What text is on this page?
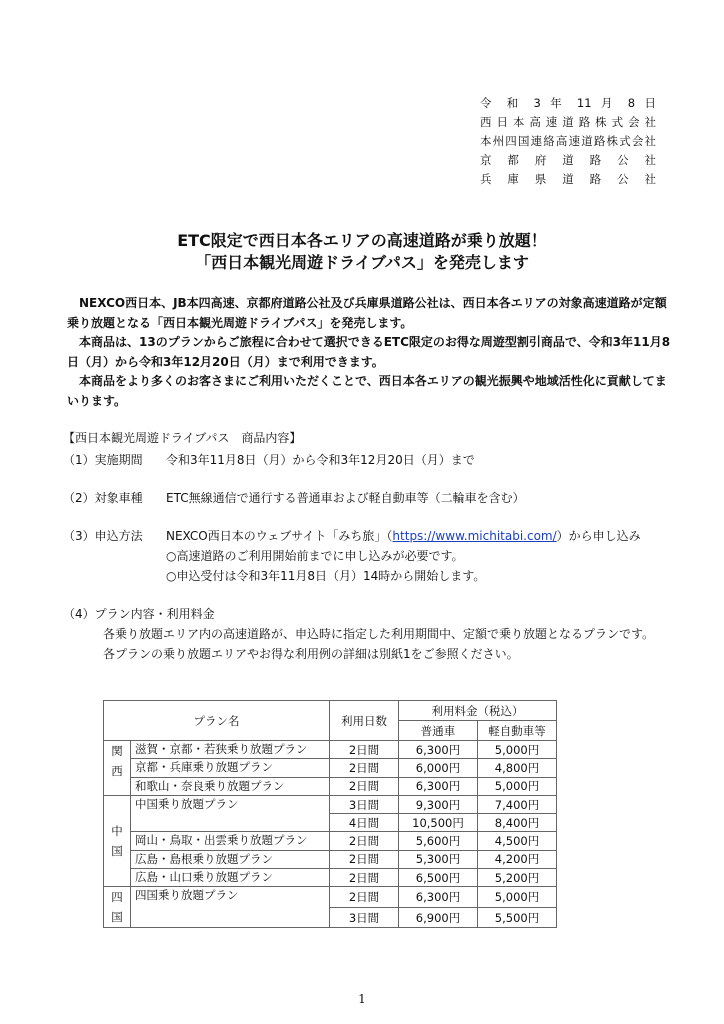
令 和 3 年 11 月 8 日
西日本高速道路株式会社
本州四国連絡高速道路株式会社
京 都 府 道 路 公 社
兵 庫 県 道 路 公 社
ETC限定で西日本各エリアの高速道路が乗り放題！
「西日本観光周遊ドライブパス」を発売します

NEXCO西日本、JB本四高速、京都府道路公社及び兵庫県道路公社は、西日本各エリアの対象高速道路が定額乗り放題となる「西日本観光周遊ドライブパス」を発売します。

本商品は、13のプランからご旅程に合わせて選択できるETC限定のお得な周遊型割引商品で、令和3年11月8日（月）から令和3年12月20日（月）まで利用できます。

本商品をより多くのお客さまにご利用いただくことで、西日本各エリアの観光振興や地域活性化に貢献してまいります。

【西日本観光周遊ドライブパス　商品内容】
（1）実施期間 令和3年11月8日（月）から令和3年12月20日（月）まで
（2）対象車種 ETC無線通信で通行する普通車および軽自動車等（二輪車を含む）
（3）申込方法 NEXCO西日本のウェブサイト「みち旅」（https://www.michitabi.com/）から申し込み
○高速道路のご利用開始前までに申し込みが必要です。
○申込受付は令和3年11月8日（月）14時から開始します。
（4）プラン内容・利用料金
各乗り放題エリア内の高速道路が、申込時に指定した利用期間中、定額で乗り放題となるプランです。
各プランの乗り放題エリアやお得な利用例の詳細は別紙1をご参照ください。
プラン名		利用日数	利用料金（税込）	
			普通車	軽自動車等

関
西	滋賀・京都・若狭乗り放題プラン	2日間	6,300円	5,000円
	京都・兵庫乗り放題プラン	2日間	6,000円	4,800円
	和歌山・奈良乗り放題プラン	2日間	6,300円	5,000円

中
国	中国乗り放題プラン	3日間	9,300円	7,400円
		4日間	10,500円	8,400円
	岡山・鳥取・出雲乗り放題プラン	2日間	5,600円	4,500円
	広島・島根乗り放題プラン	2日間	5,300円	4,200円
	広島・山口乗り放題プラン	2日間	6,500円	5,200円

四
国	四国乗り放題プラン	2日間	6,300円	5,000円
		3日間	6,900円	5,500円
1
